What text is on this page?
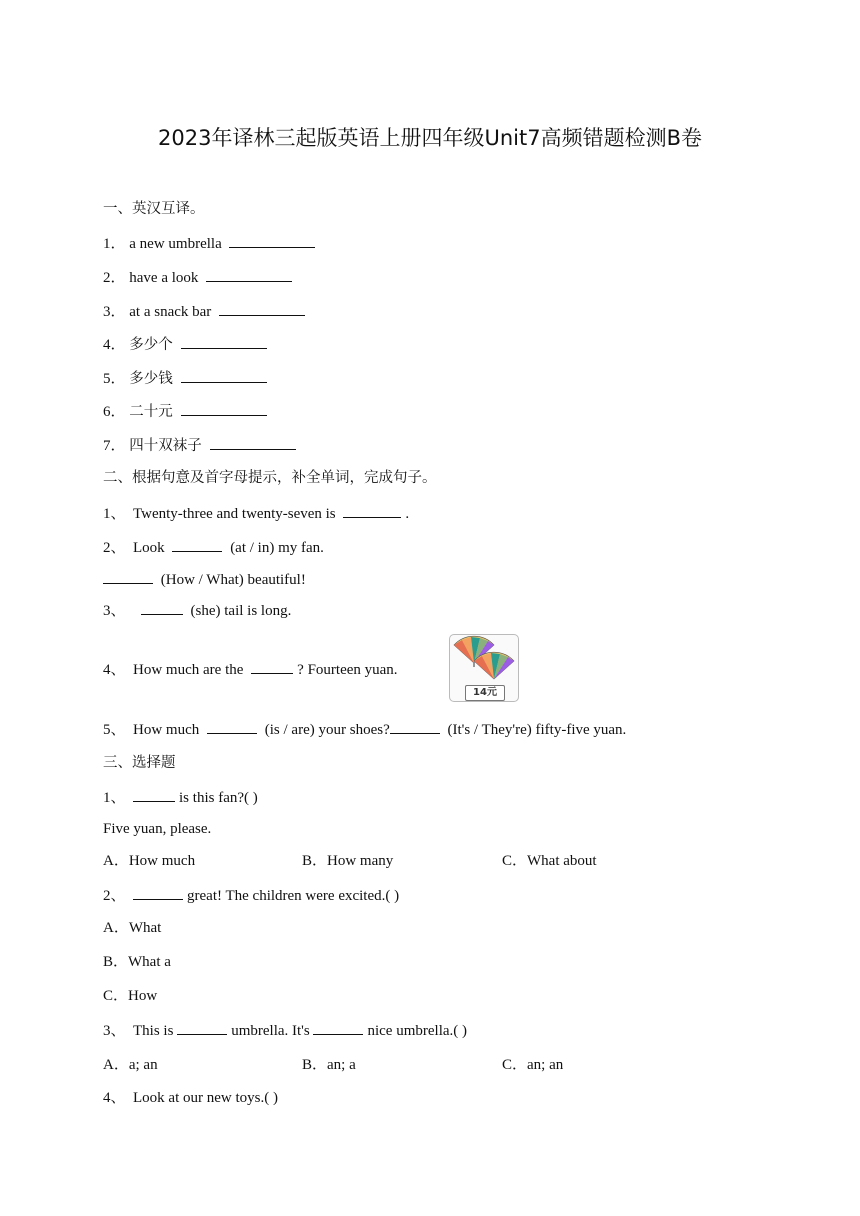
2023年译林三起版英语上册四年级Unit7高频错题检测B卷
一、英汉互译。
1． a new umbrella
2． have a look
3． at a snack bar
4． 多少个
5． 多少钱
6． 二十元
7． 四十双袜子
二、根据句意及首字母提示，补全单词，完成句子。
1、 Twenty-three and twenty-seven is	.
2、 Look	(at / in) my fan.
(How / What) beautiful!
3、	(she) tail is long.
4、 How much are the	? Fourteen yuan.
14元
5、 How much	(is / are) your shoes?	(It's / They're) fifty-five yuan.
三、选择题
1、	is this fan?( )
Five yuan, please.
A．How much	B．How many	C．What about
2、	great! The children were excited.( )
A．What
B．What a
C．How
3、 This is	umbrella. It's	nice umbrella.( )
A．a; an	B．an; a	C．an; an
4、 Look at our new toys.( )
